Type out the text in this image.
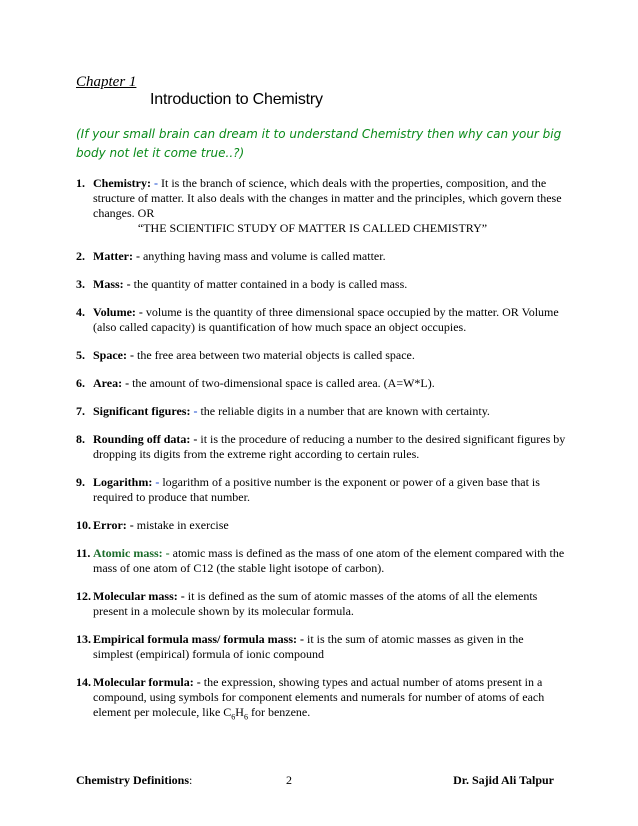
Chapter 1
Introduction to Chemistry
(If your small brain can dream it to understand Chemistry then why can your big body not let it come true..?)
1. Chemistry: - It is the branch of science, which deals with the properties, composition, and the structure of matter. It also deals with the changes in matter and the principles, which govern these changes. OR
“THE SCIENTIFIC STUDY OF MATTER IS CALLED CHEMISTRY”
2. Matter: - anything having mass and volume is called matter.
3. Mass: - the quantity of matter contained in a body is called mass.
4. Volume: - volume is the quantity of three dimensional space occupied by the matter. OR Volume (also called capacity) is quantification of how much space an object occupies.
5. Space: - the free area between two material objects is called space.
6. Area: - the amount of two-dimensional space is called area. (A=W*L).
7. Significant figures: - the reliable digits in a number that are known with certainty.
8. Rounding off data: - it is the procedure of reducing a number to the desired significant figures by dropping its digits from the extreme right according to certain rules.
9. Logarithm: - logarithm of a positive number is the exponent or power of a given base that is required to produce that number.
10. Error: - mistake in exercise
11. Atomic mass: - atomic mass is defined as the mass of one atom of the element compared with the mass of one atom of C12 (the stable light isotope of carbon).
12. Molecular mass: - it is defined as the sum of atomic masses of the atoms of all the elements present in a molecule shown by its molecular formula.
13. Empirical formula mass/ formula mass: - it is the sum of atomic masses as given in the simplest (empirical) formula of ionic compound
14. Molecular formula: - the expression, showing types and actual number of atoms present in a compound, using symbols for component elements and numerals for number of atoms of each element per molecule, like $C_6H_6$ for benzene.
Chemistry Definitions:	2	Dr. Sajid Ali Talpur
